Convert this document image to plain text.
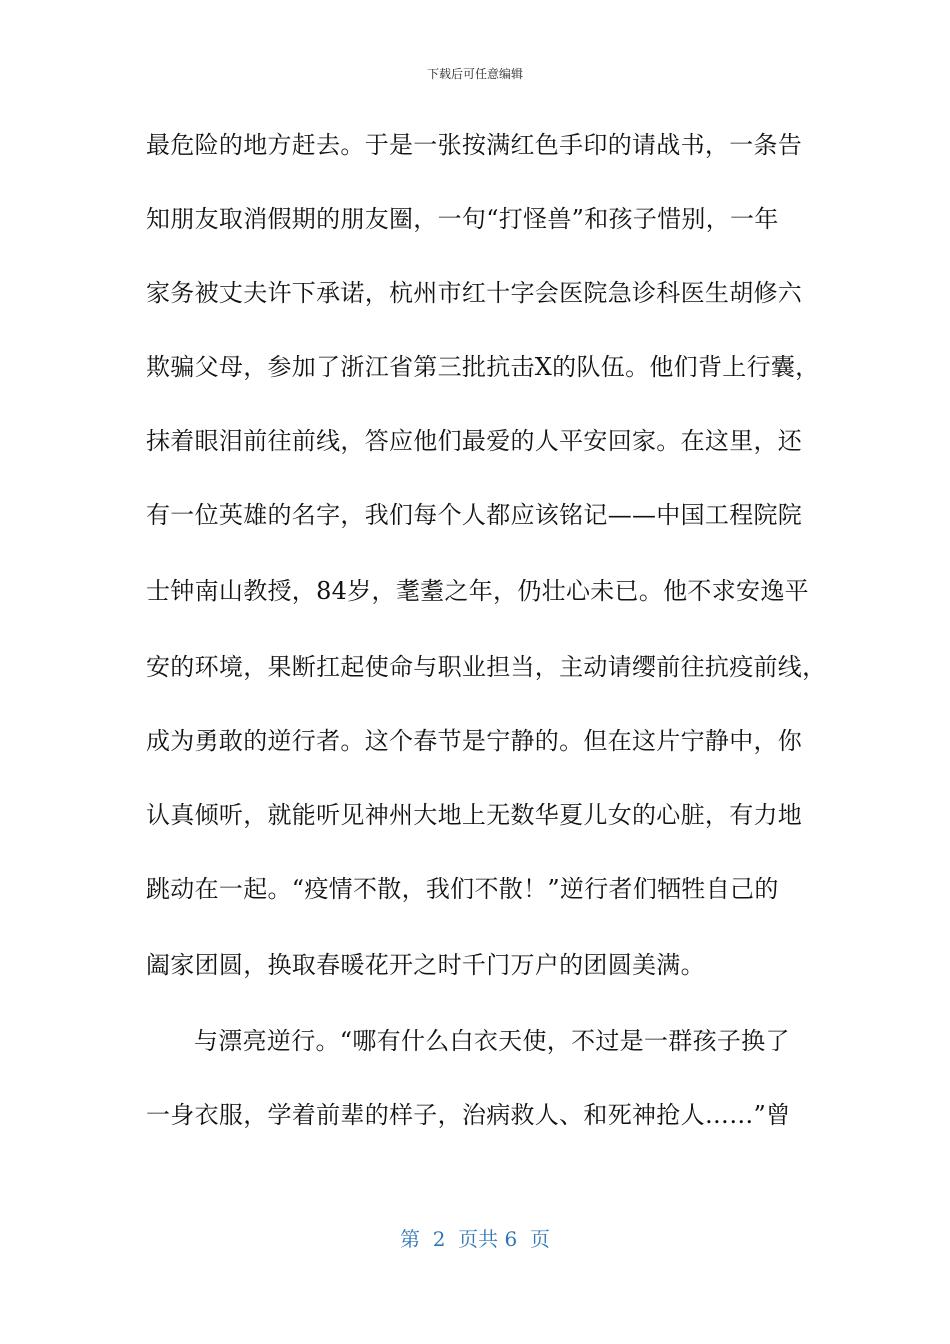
下载后可任意编辑
最危险的地方赶去。于是一张按满红色手印的请战书，一条告
知朋友取消假期的朋友圈，一句“打怪兽”和孩子惜别，一年
家务被丈夫许下承诺，杭州市红十字会医院急诊科医生胡修六
欺骗父母，参加了浙江省第三批抗击X的队伍。他们背上行囊，
抹着眼泪前往前线，答应他们最爱的人平安回家。在这里，还
有一位英雄的名字，我们每个人都应该铭记——中国工程院院
士钟南山教授，84岁，耄耋之年，仍壮心未已。他不求安逸平
安的环境，果断扛起使命与职业担当，主动请缨前往抗疫前线，
成为勇敢的逆行者。这个春节是宁静的。但在这片宁静中，你
认真倾听，就能听见神州大地上无数华夏儿女的心脏，有力地
跳动在一起。“疫情不散，我们不散！”逆行者们牺牲自己的
阖家团圆，换取春暖花开之时千门万户的团圆美满。
与漂亮逆行。“哪有什么白衣天使，不过是一群孩子换了
一身衣服，学着前辈的样子，治病救人、和死神抢人……”曾
第  2  页共 6  页
